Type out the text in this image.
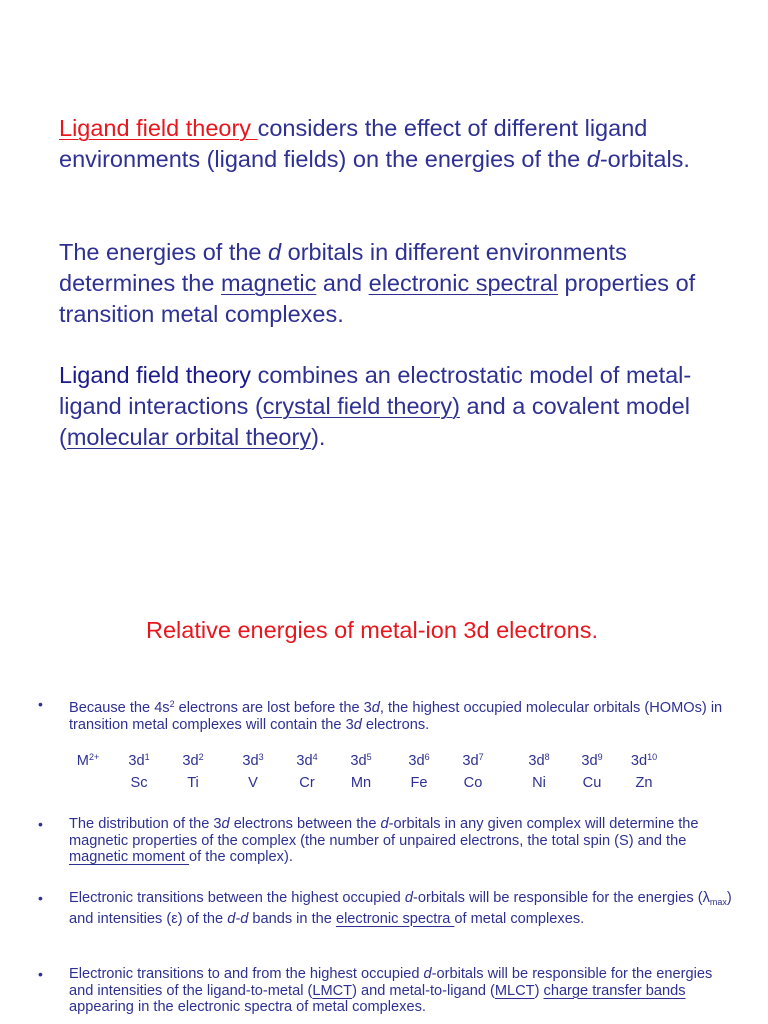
Ligand field theory considers the effect of different ligand environments (ligand fields) on the energies of the d-orbitals.

The energies of the d orbitals in different environments determines the magnetic and electronic spectral properties of transition metal complexes.

Ligand field theory combines an electrostatic model of metal-ligand interactions (crystal field theory) and a covalent model (molecular orbital theory).

Relative energies of metal-ion 3d electrons.

• Because the $4s^2$ electrons are lost before the 3d, the highest occupied molecular orbitals (HOMOs) in transition metal complexes will contain the 3d electrons.
$M^{2+}$	$3d^1$
Sc
$3d^2$
Ti
$3d^3$
V
$3d^4$
Cr
$3d^5$
Mn
$3d^6$
Fe
$3d^7$
Co
$3d^8$
Ni
$3d^9$
Cu
$3d^{10}$
Zn
• The distribution of the 3d electrons between the d-orbitals in any given complex will determine the magnetic properties of the complex (the number of unpaired electrons, the total spin (S) and the magnetic moment of the complex).
• Electronic transitions between the highest occupied d-orbitals will be responsible for the energies $(\lambda_{max})$ and intensities (ε) of the d-d bands in the electronic spectra of metal complexes.
• Electronic transitions to and from the highest occupied d-orbitals will be responsible for the energies and intensities of the ligand-to-metal (LMCT) and metal-to-ligand (MLCT) charge transfer bands appearing in the electronic spectra of metal complexes.
